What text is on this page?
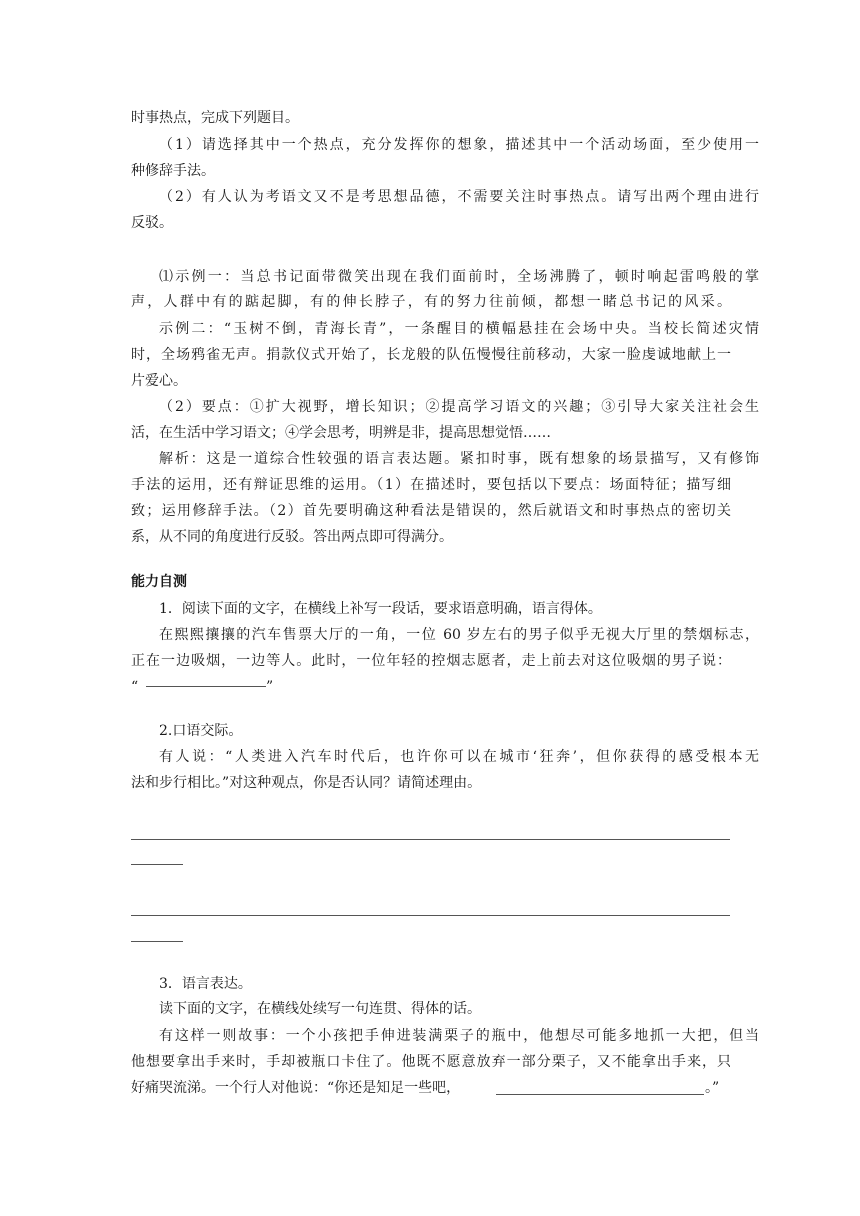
时事热点，完成下列题目。
（1）请选择其中一个热点，充分发挥你的想象，描述其中一个活动场面，至少使用一
种修辞手法。
（2）有人认为考语文又不是考思想品德，不需要关注时事热点。请写出两个理由进行
反驳。
⑴示例一：当总书记面带微笑出现在我们面前时，全场沸腾了，顿时响起雷鸣般的掌
声，人群中有的踮起脚，有的伸长脖子，有的努力往前倾，都想一睹总书记的风采。
示例二：“玉树不倒，青海长青”，一条醒目的横幅悬挂在会场中央。当校长简述灾情
时，全场鸦雀无声。捐款仪式开始了，长龙般的队伍慢慢往前移动，大家一脸虔诚地献上一
片爱心。
（2）要点：①扩大视野，增长知识；②提高学习语文的兴趣；③引导大家关注社会生
活，在生活中学习语文；④学会思考，明辨是非，提高思想觉悟……
解析：这是一道综合性较强的语言表达题。紧扣时事，既有想象的场景描写，又有修饰
手法的运用，还有辩证思维的运用。（1）在描述时，要包括以下要点：场面特征；描写细
致；运用修辞手法。（2）首先要明确这种看法是错误的，然后就语文和时事热点的密切关
系，从不同的角度进行反驳。答出两点即可得满分。
能力自测
1．阅读下面的文字，在横线上补写一段话，要求语意明确，语言得体。
在熙熙攘攘的汽车售票大厅的一角，一位 60 岁左右的男子似乎无视大厅里的禁烟标志，
正在一边吸烟，一边等人。此时，一位年轻的控烟志愿者，走上前去对这位吸烟的男子说：
“	”
2.口语交际。
有人说：“人类进入汽车时代后，也许你可以在城市‘狂奔’，但你获得的感受根本无
法和步行相比。”对这种观点，你是否认同？请简述理由。
3．语言表达。
读下面的文字，在横线处续写一句连贯、得体的话。
有这样一则故事：一个小孩把手伸进装满栗子的瓶中，他想尽可能多地抓一大把，但当
他想要拿出手来时，手却被瓶口卡住了。他既不愿意放弃一部分栗子，又不能拿出手来，只
好痛哭流涕。一个行人对他说：“你还是知足一些吧，	。”
